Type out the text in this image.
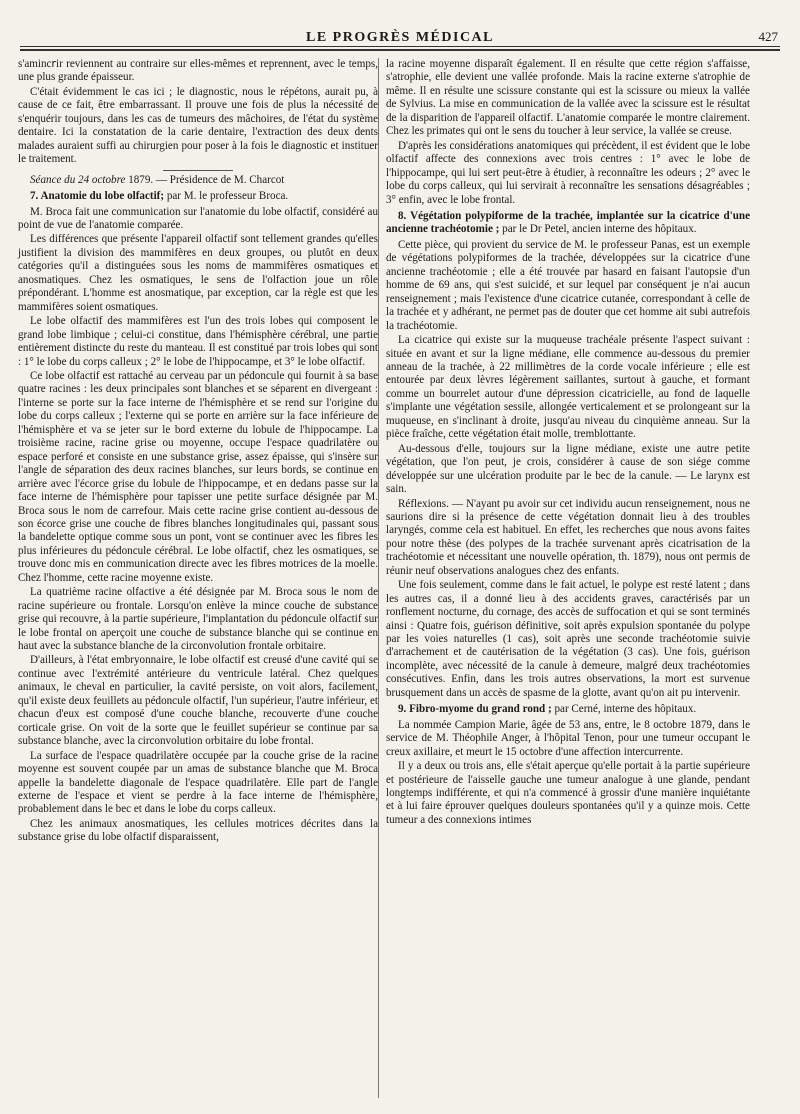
LE PROGRÈS MÉDICAL	427

s'aminc𝗋ir reviennent au contraire sur elles-mêmes et reprennent, avec le temps, une plus grande épaisseur.

C'était évidemment le cas ici ; le diagnostic, nous le répétons, aurait pu, à cause de ce fait, être embarrassant. Il prouve une fois de plus la nécessité de s'enquérir toujours, dans les cas de tumeurs des mâchoires, de l'état du système dentaire. Ici la constatation de la carie dentaire, l'extraction des deux dents malades auraient suffi au chirurgien pour poser à la fois le diagnostic et instituer le traitement.

Séance du 24 octobre 1879. — Présidence de M. Charcot
7. Anatomie du lobe olfactif; par M. le professeur Broca.

M. Broca fait une communication sur l'anatomie du lobe olfactif, considéré au point de vue de l'anatomie comparée.

Les différences que présente l'appareil olfactif sont tellement grandes qu'elles justifient la division des mammifères en deux groupes, ou plutôt en deux catégories qu'il a distinguées sous les noms de mammifères osmatiques et anosmatiques. Chez les osmatiques, le sens de l'olfaction joue un rôle prépondérant. L'homme est anosmatique, par exception, car la règle est que les mammifères soient osmatiques.

Le lobe olfactif des mammifères est l'un des trois lobes qui composent le grand lobe limbique ; celui-ci constitue, dans l'hémisphère cérébral, une partie entièrement distincte du reste du manteau. Il est constitué par trois lobes qui sont : 1° le lobe du corps calleux ; 2° le lobe de l'hippocampe, et 3° le lobe olfactif.

Ce lobe olfactif est rattaché au cerveau par un pédoncule qui fournit à sa base quatre racines : les deux principales sont blanches et se séparent en divergeant : l'interne se porte sur la face interne de l'hémisphère et se rend sur l'origine du lobe du corps calleux ; l'externe qui se porte en arrière sur la face inférieure de l'hémisphère et va se jeter sur le bord externe du lobule de l'hippocampe. La troisième racine, racine grise ou moyenne, occupe l'espace quadrilatère ou espace perforé et consiste en une substance grise, assez épaisse, qui s'insère sur l'angle de séparation des deux racines blanches, sur leurs bords, se continue en arrière avec l'écorce grise du lobule de l'hippocampe, et en dedans passe sur la face interne de l'hémisphère pour tapisser une petite surface désignée par M. Broca sous le nom de carrefour. Mais cette racine grise contient au-dessous de son écorce grise une couche de fibres blanches longitudinales qui, passant sous la bandelette optique comme sous un pont, vont se continuer avec les fibres les plus inférieures du pédoncule cérébral. Le lobe olfactif, chez les osmatiques, se trouve donc mis en communication directe avec les fibres motrices de la moelle. Chez l'homme, cette racine moyenne existe.

La quatrième racine olfactive a été désignée par M. Broca sous le nom de racine supérieure ou frontale. Lorsqu'on enlève la mince couche de substance grise qui recouvre, à la partie supérieure, l'implantation du pédoncule olfactif sur le lobe frontal on aperçoit une couche de substance blanche qui se continue en haut avec la substance blanche de la circonvolution frontale orbitaire.

D'ailleurs, à l'état embryonnaire, le lobe olfactif est creusé d'une cavité qui se continue avec l'extrémité antérieure du ventricule latéral. Chez quelques animaux, le cheval en particulier, la cavité persiste, on voit alors, facilement, qu'il existe deux feuillets au pédoncule olfactif, l'un supérieur, l'autre inférieur, et chacun d'eux est composé d'une couche blanche, recouverte d'une couche corticale grise. On voit de la sorte que le feuillet supérieur se continue par sa substance blanche, avec la circonvolution orbitaire du lobe frontal.

La surface de l'espace quadrilatère occupée par la couche grise de la racine moyenne est souvent coupée par un amas de substance blanche que M. Broca appelle la bandelette diagonale de l'espace quadrilatère. Elle part de l'angle externe de l'espace et vient se perdre à la face interne de l'hémisphère, probablement dans le bec et dans le lobe du corps calleux.

Chez les animaux anosmatiques, les cellules motrices décrites dans la substance grise du lobe olfactif disparaissent,

la racine moyenne disparaît également. Il en résulte que cette région s'affaisse, s'atrophie, elle devient une vallée profonde. Mais la racine externe s'atrophie de même. Il en résulte une scissure constante qui est la scissure ou mieux la vallée de Sylvius. La mise en communication de la vallée avec la scissure est le résultat de la disparition de l'appareil olfactif. L'anatomie comparée le montre clairement. Chez les primates qui ont le sens du toucher à leur service, la vallée se creuse.

D'après les considérations anatomiques qui précèdent, il est évident que le lobe olfactif affecte des connexions avec trois centres : 1° avec le lobe de l'hippocampe, qui lui sert peut-être à étudier, à reconnaître les odeurs ; 2° avec le lobe du corps calleux, qui lui servirait à reconnaître les sensations désagréables ; 3° enfin, avec le lobe frontal.

8. Végétation polypiforme de la trachée, implantée sur la cicatrice d'une ancienne trachéotomie ; par le Dr Petel, ancien interne des hôpitaux.

Cette pièce, qui provient du service de M. le professeur Panas, est un exemple de végétations polypiformes de la trachée, développées sur la cicatrice d'une ancienne trachéotomie ; elle a été trouvée par hasard en faisant l'autopsie d'un homme de 69 ans, qui s'est suicidé, et sur lequel par conséquent je n'ai aucun renseignement ; mais l'existence d'une cicatrice cutanée, correspondant à celle de la trachée et y adhérant, ne permet pas de douter que cet homme ait subi autrefois la trachéotomie.

La cicatrice qui existe sur la muqueuse trachéale présente l'aspect suivant : située en avant et sur la ligne médiane, elle commence au-dessous du premier anneau de la trachée, à 22 millimètres de la corde vocale inférieure ; elle est entourée par deux lèvres légèrement saillantes, surtout à gauche, et formant comme un bourrelet autour d'une dépression cicatricielle, au fond de laquelle s'implante une végétation sessile, allongée verticalement et se prolongeant sur la muqueuse, en s'inclinant à droite, jusqu'au niveau du cinquième anneau. Sur la pièce fraîche, cette végétation était molle, tremblottante.

Au-dessous d'elle, toujours sur la ligne médiane, existe une autre petite végétation, que l'on peut, je crois, considérer à cause de son siége comme développée sur une ulcération produite par le bec de la canule. — Le larynx est sain.

Réflexions. — N'ayant pu avoir sur cet individu aucun renseignement, nous ne saurions dire si la présence de cette végétation donnait lieu à des troubles laryngés, comme cela est habituel. En effet, les recherches que nous avons faites pour notre thèse (des polypes de la trachée survenant après cicatrisation de la trachéotomie et nécessitant une nouvelle opération, th. 1879), nous ont permis de réunir neuf observations analogues chez des enfants.

Une fois seulement, comme dans le fait actuel, le polype est resté latent ; dans les autres cas, il a donné lieu à des accidents graves, caractérisés par un ronflement nocturne, du cornage, des accès de suffocation et qui se sont terminés ainsi : Quatre fois, guérison définitive, soit après expulsion spontanée du polype par les voies naturelles (1 cas), soit après une seconde trachéotomie suivie d'arrachement et de cautérisation de la végétation (3 cas). Une fois, guérison incomplète, avec nécessité de la canule à demeure, malgré deux trachéotomies consécutives. Enfin, dans les trois autres observations, la mort est survenue brusquement dans un accès de spasme de la glotte, avant qu'on ait pu intervenir.

9. Fibro-myome du grand rond ; par Cerné, interne des hôpitaux.

La nommée Campion Marie, âgée de 53 ans, entre, le 8 octobre 1879, dans le service de M. Théophile Anger, à l'hôpital Tenon, pour une tumeur occupant le creux axillaire, et meurt le 15 octobre d'une affection intercurrente.

Il y a deux ou trois ans, elle s'était aperçue qu'elle portait à la partie supérieure et postérieure de l'aisselle gauche une tumeur analogue à une glande, pendant longtemps indifférente, et qui n'a commencé à grossir d'une manière inquiétante et à lui faire éprouver quelques douleurs spontanées qu'il y a quinze mois. Cette tumeur a des connexions intimes
